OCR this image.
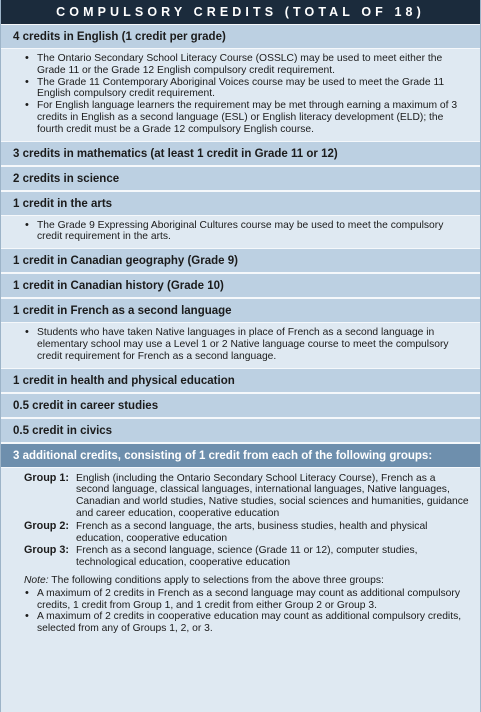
COMPULSORY CREDITS (TOTAL OF 18)
4 credits in English (1 credit per grade)
• The Ontario Secondary School Literacy Course (OSSLC) may be used to meet either the Grade 11 or the Grade 12 English compulsory credit requirement.
• The Grade 11 Contemporary Aboriginal Voices course may be used to meet the Grade 11 English compulsory credit requirement.
• For English language learners the requirement may be met through earning a maximum of 3 credits in English as a second language (ESL) or English literacy development (ELD); the fourth credit must be a Grade 12 compulsory English course.
3 credits in mathematics (at least 1 credit in Grade 11 or 12)
2 credits in science
1 credit in the arts
• The Grade 9 Expressing Aboriginal Cultures course may be used to meet the compulsory credit requirement in the arts.
1 credit in Canadian geography (Grade 9)
1 credit in Canadian history (Grade 10)
1 credit in French as a second language
• Students who have taken Native languages in place of French as a second language in elementary school may use a Level 1 or 2 Native language course to meet the compulsory credit requirement for French as a second language.
1 credit in health and physical education
0.5 credit in career studies
0.5 credit in civics
3 additional credits, consisting of 1 credit from each of the following groups:
Group 1: English (including the Ontario Secondary School Literacy Course), French as a second language, classical languages, international languages, Native languages, Canadian and world studies, Native studies, social sciences and humanities, guidance and career education, cooperative education
Group 2: French as a second language, the arts, business studies, health and physical education, cooperative education
Group 3: French as a second language, science (Grade 11 or 12), computer studies, technological education, cooperative education
Note: The following conditions apply to selections from the above three groups:
• A maximum of 2 credits in French as a second language may count as additional compulsory credits, 1 credit from Group 1, and 1 credit from either Group 2 or Group 3.
• A maximum of 2 credits in cooperative education may count as additional compulsory credits, selected from any of Groups 1, 2, or 3.
